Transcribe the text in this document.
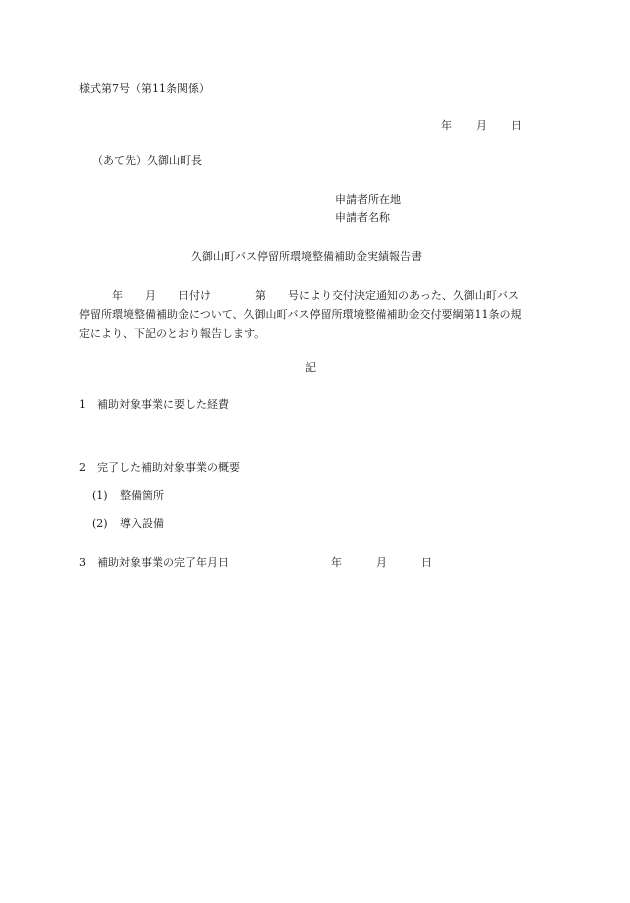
様式第7号（第11条関係）
年 月 日
（あて先）久御山町長
申請者所在地
申請者名称
久御山町バス停留所環境整備補助金実績報告書
　　　年　　月　　日付け　　　　第　　号により交付決定通知のあった、久御山町バス
停留所環境整備補助金について、久御山町バス停留所環境整備補助金交付要綱第11条の規
定により、下記のとおり報告します。
記
1 補助対象事業に要した経費
2 完了した補助対象事業の概要
(1) 整備箇所
(2) 導入設備
3 補助対象事業の完了年月日	年	月	日
